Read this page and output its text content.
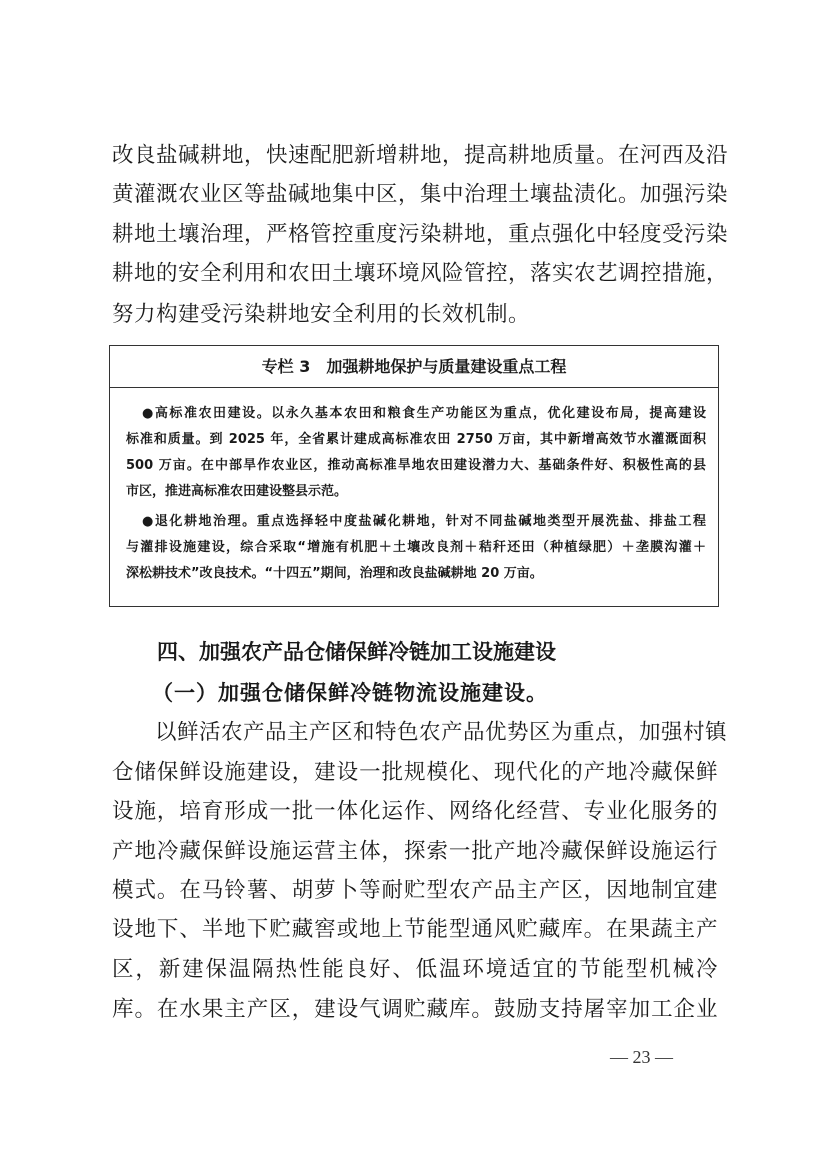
改良盐碱耕地，快速配肥新增耕地，提高耕地质量。在河西及沿
黄灌溉农业区等盐碱地集中区，集中治理土壤盐渍化。加强污染
耕地土壤治理，严格管控重度污染耕地，重点强化中轻度受污染
耕地的安全利用和农田土壤环境风险管控，落实农艺调控措施，
努力构建受污染耕地安全利用的长效机制。
专栏 3　加强耕地保护与质量建设重点工程
●高标准农田建设。以永久基本农田和粮食生产功能区为重点，优化建设布局，提高建设
标准和质量。到 2025 年，全省累计建成高标准农田 2750 万亩，其中新增高效节水灌溉面积
500 万亩。在中部旱作农业区，推动高标准旱地农田建设潜力大、基础条件好、积极性高的县
市区，推进高标准农田建设整县示范。
●退化耕地治理。重点选择轻中度盐碱化耕地，针对不同盐碱地类型开展洗盐、排盐工程
与灌排设施建设，综合采取“增施有机肥＋土壤改良剂＋秸秆还田（种植绿肥）＋垄膜沟灌＋
深松耕技术”改良技术。“十四五”期间，治理和改良盐碱耕地 20 万亩。
四、加强农产品仓储保鲜冷链加工设施建设
（一）加强仓储保鲜冷链物流设施建设。
以鲜活农产品主产区和特色农产品优势区为重点，加强村镇
仓储保鲜设施建设，建设一批规模化、现代化的产地冷藏保鲜
设施，培育形成一批一体化运作、网络化经营、专业化服务的
产地冷藏保鲜设施运营主体，探索一批产地冷藏保鲜设施运行
模式。在马铃薯、胡萝卜等耐贮型农产品主产区，因地制宜建
设地下、半地下贮藏窖或地上节能型通风贮藏库。在果蔬主产
区，新建保温隔热性能良好、低温环境适宜的节能型机械冷
库。在水果主产区，建设气调贮藏库。鼓励支持屠宰加工企业
— 23 —
